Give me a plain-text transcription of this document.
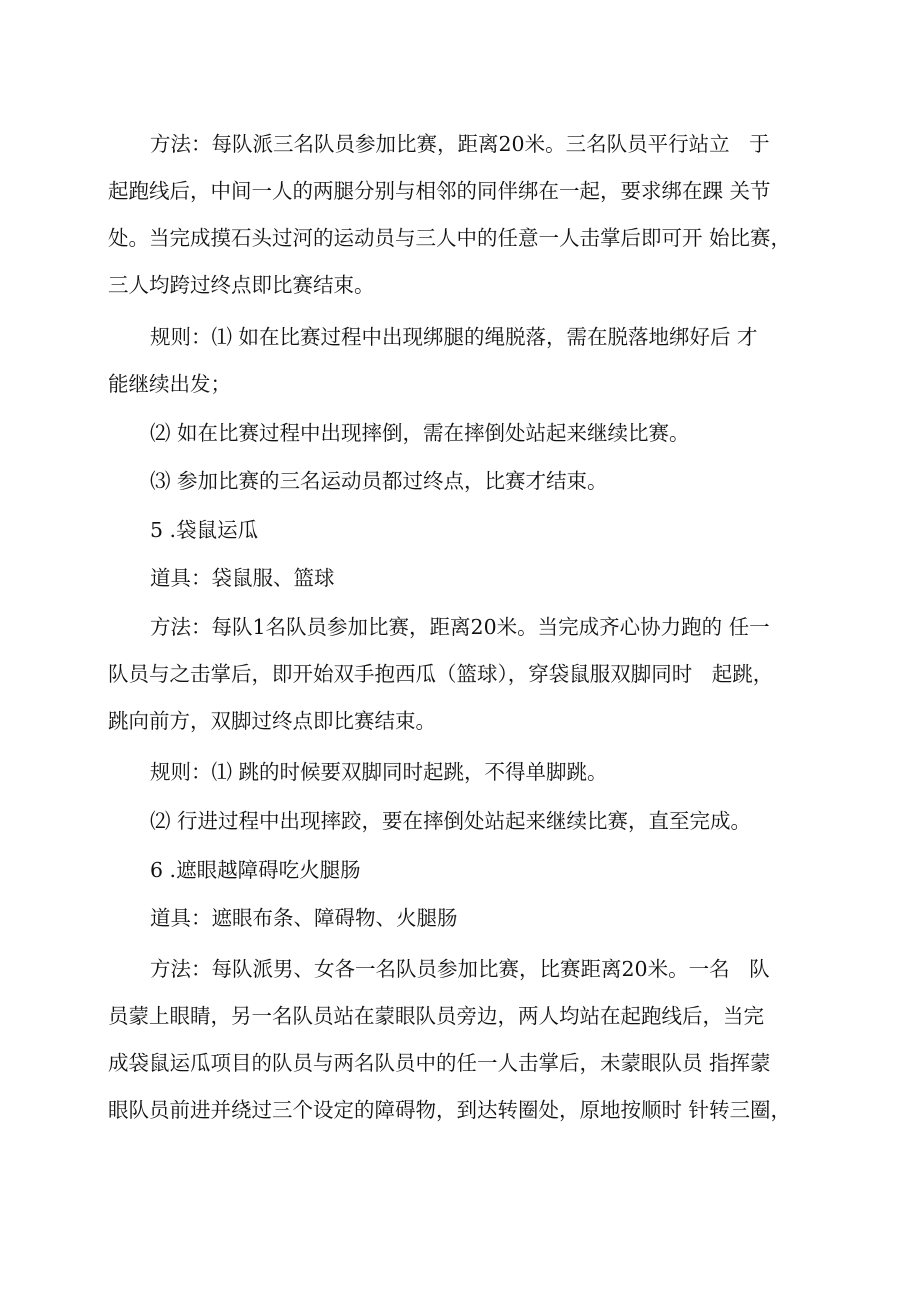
方法：每队派三名队员参加比赛，距离20米。三名队员平行站立   于
起跑线后，中间一人的两腿分别与相邻的同伴绑在一起，要求绑在踝 关节
处。当完成摸石头过河的运动员与三人中的任意一人击掌后即可开 始比赛，
三人均跨过终点即比赛结束。
规则：⑴ 如在比赛过程中出现绑腿的绳脱落，需在脱落地绑好后 才
能继续出发；
⑵ 如在比赛过程中出现摔倒，需在摔倒处站起来继续比赛。
⑶ 参加比赛的三名运动员都过终点，比赛才结束。
5 .袋鼠运瓜
道具：袋鼠服、篮球
方法：每队1名队员参加比赛，距离20米。当完成齐心协力跑的 任一
队员与之击掌后，即开始双手抱西瓜（篮球），穿袋鼠服双脚同时   起跳，
跳向前方，双脚过终点即比赛结束。
规则：⑴ 跳的时候要双脚同时起跳，不得单脚跳。
⑵ 行进过程中出现摔跤，要在摔倒处站起来继续比赛，直至完成。
6 .遮眼越障碍吃火腿肠
道具：遮眼布条、障碍物、火腿肠
方法：每队派男、女各一名队员参加比赛，比赛距离20米。一名   队
员蒙上眼睛，另一名队员站在蒙眼队员旁边，两人均站在起跑线后，当完
成袋鼠运瓜项目的队员与两名队员中的任一人击掌后，未蒙眼队员 指挥蒙
眼队员前进并绕过三个设定的障碍物，到达转圈处，原地按顺时 针转三圈，
